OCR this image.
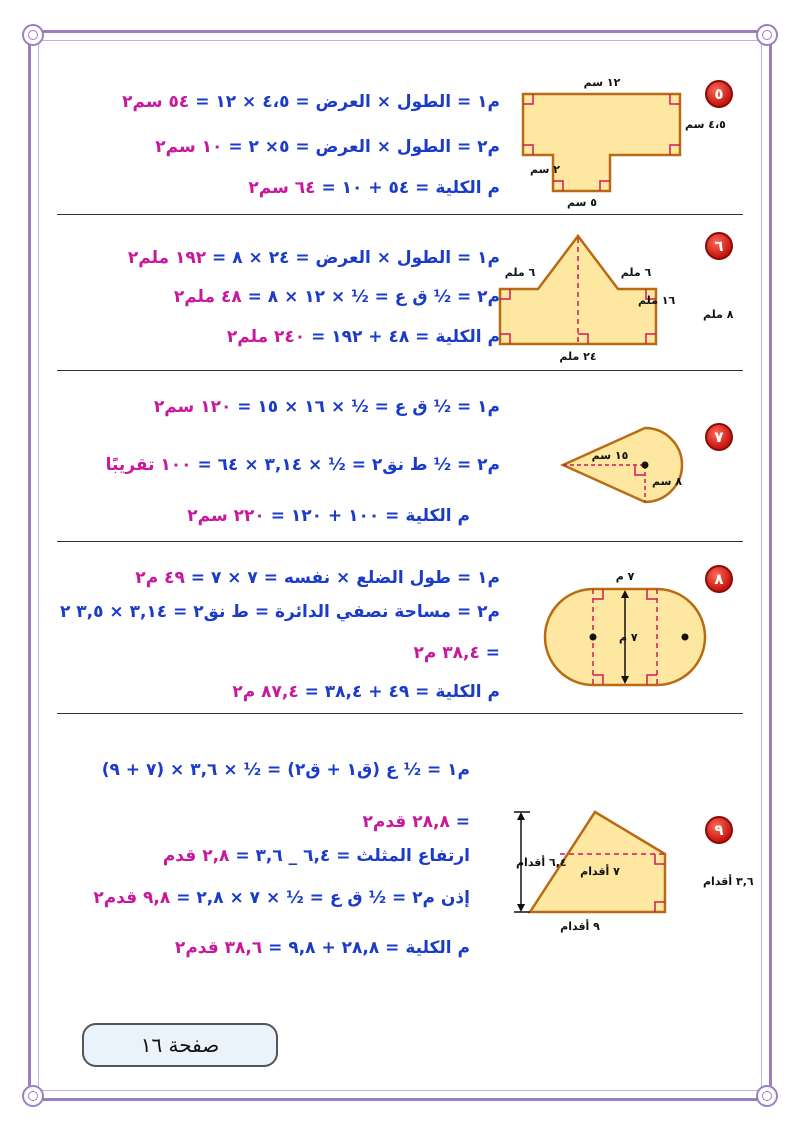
٥
م١ = الطول × العرض = ٤،٥ × ١٢ = ٥٤ سم٢
م٢ = الطول × العرض = ٥× ٢ = ١٠ سم٢
م الكلية = ٥٤ + ١٠ = ٦٤ سم٢
١٢ سم
٤،٥ سم
٢ سم
٥ سم
٦
م١ = الطول × العرض = ٢٤ × ٨ = ١٩٢ ملم٢
م٢ = ½ ق ع = ½ × ١٢ × ٨ = ٤٨ ملم٢
م الكلية = ٤٨ + ١٩٢ = ٢٤٠ ملم٢
٦ ملم	٦ ملم
١٦ ملم
٨ ملم
٢٤ ملم
٧
م١ = ½ ق ع = ½ × ١٦ × ١٥ = ١٢٠ سم٢
م٢ = ½ ط نق٢ = ½ × ٣,١٤ × ٦٤ = ١٠٠ تقريبًا
م الكلية = ١٠٠ + ١٢٠ = ٢٢٠ سم٢
١٥ سم
٨ سم
٨
م١ = طول الضلع × نفسه = ٧ × ٧ = ٤٩ م٢
م٢ = مساحة نصفي الدائرة = ط نق٢ = ٣,١٤ × ٣,٥ ٢
= ٣٨,٤ م٢
م الكلية = ٤٩ + ٣٨,٤ = ٨٧,٤ م٢
٧ م
٧ م
٩
م١ = ½ ع (ق١ + ق٢) = ½ × ٣,٦ × (٧ + ٩)
= ٢٨,٨ قدم٢
ارتفاع المثلث = ٦,٤ _ ٣,٦ = ٢,٨ قدم
إذن م٢ = ½ ق ع = ½ × ٧ × ٢,٨ = ٩,٨ قدم٢
م الكلية = ٢٨,٨ + ٩,٨ = ٣٨,٦ قدم٢
٦,٤ أقدام
٧ أقدام
٣,٦ أقدام
٩ أقدام
صفحة ١٦
